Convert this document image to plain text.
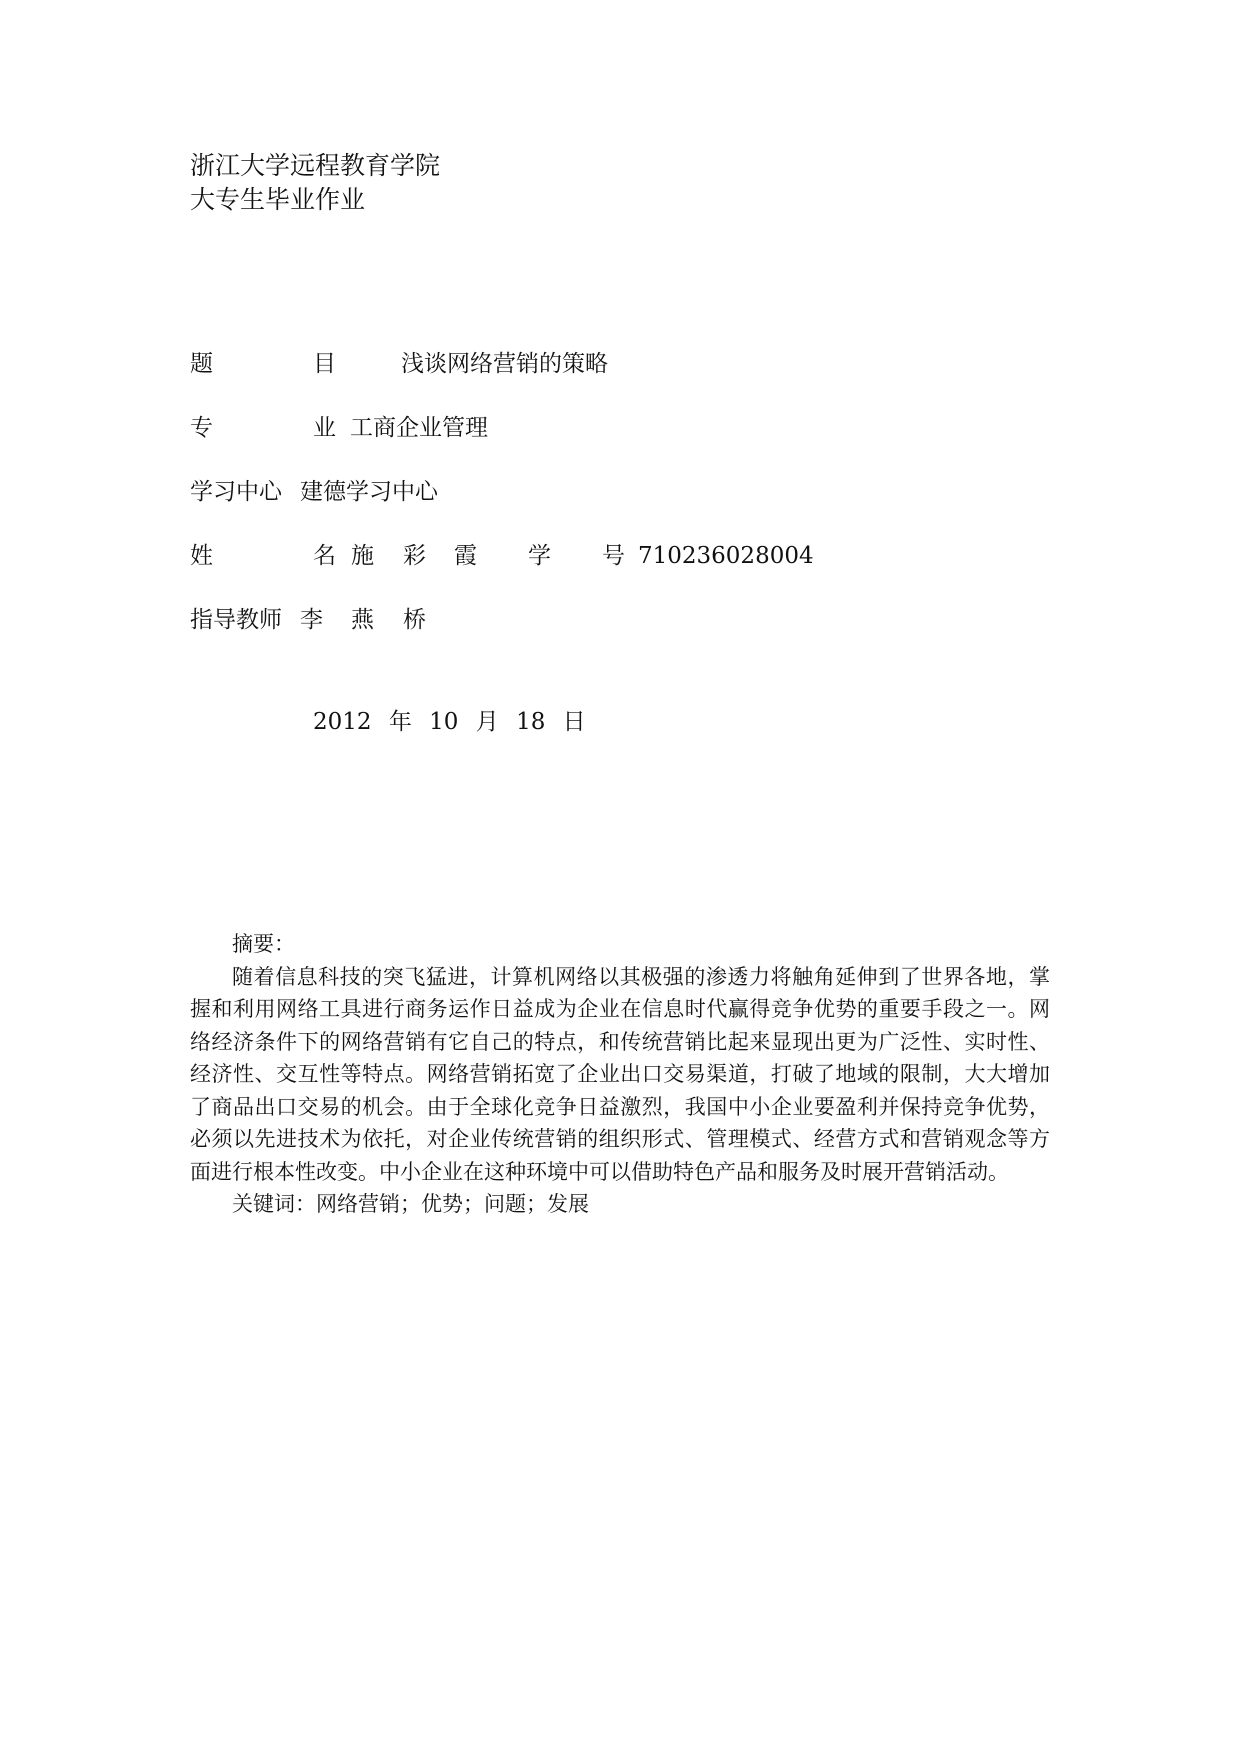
浙江大学远程教育学院
大专生毕业作业
题	目	浅谈网络营销的策略
专	业 工商企业管理
学习中心 建德学习中心
姓	名 施 彩 霞 学 号 710236028004
指导教师 李 燕 桥
2012 年 10 月 18 日
摘要：

随着信息科技的突飞猛进，计算机网络以其极强的渗透力将触角延伸到了世界各地，掌握和利用网络工具进行商务运作日益成为企业在信息时代赢得竞争优势的重要手段之一。网络经济条件下的网络营销有它自己的特点，和传统营销比起来显现出更为广泛性、实时性、经济性、交互性等特点。网络营销拓宽了企业出口交易渠道，打破了地域的限制，大大增加了商品出口交易的机会。由于全球化竞争日益激烈，我国中小企业要盈利并保持竞争优势，必须以先进技术为依托，对企业传统营销的组织形式、管理模式、经营方式和营销观念等方面进行根本性改变。中小企业在这种环境中可以借助特色产品和服务及时展开营销活动。

关键词：网络营销；优势；问题；发展
